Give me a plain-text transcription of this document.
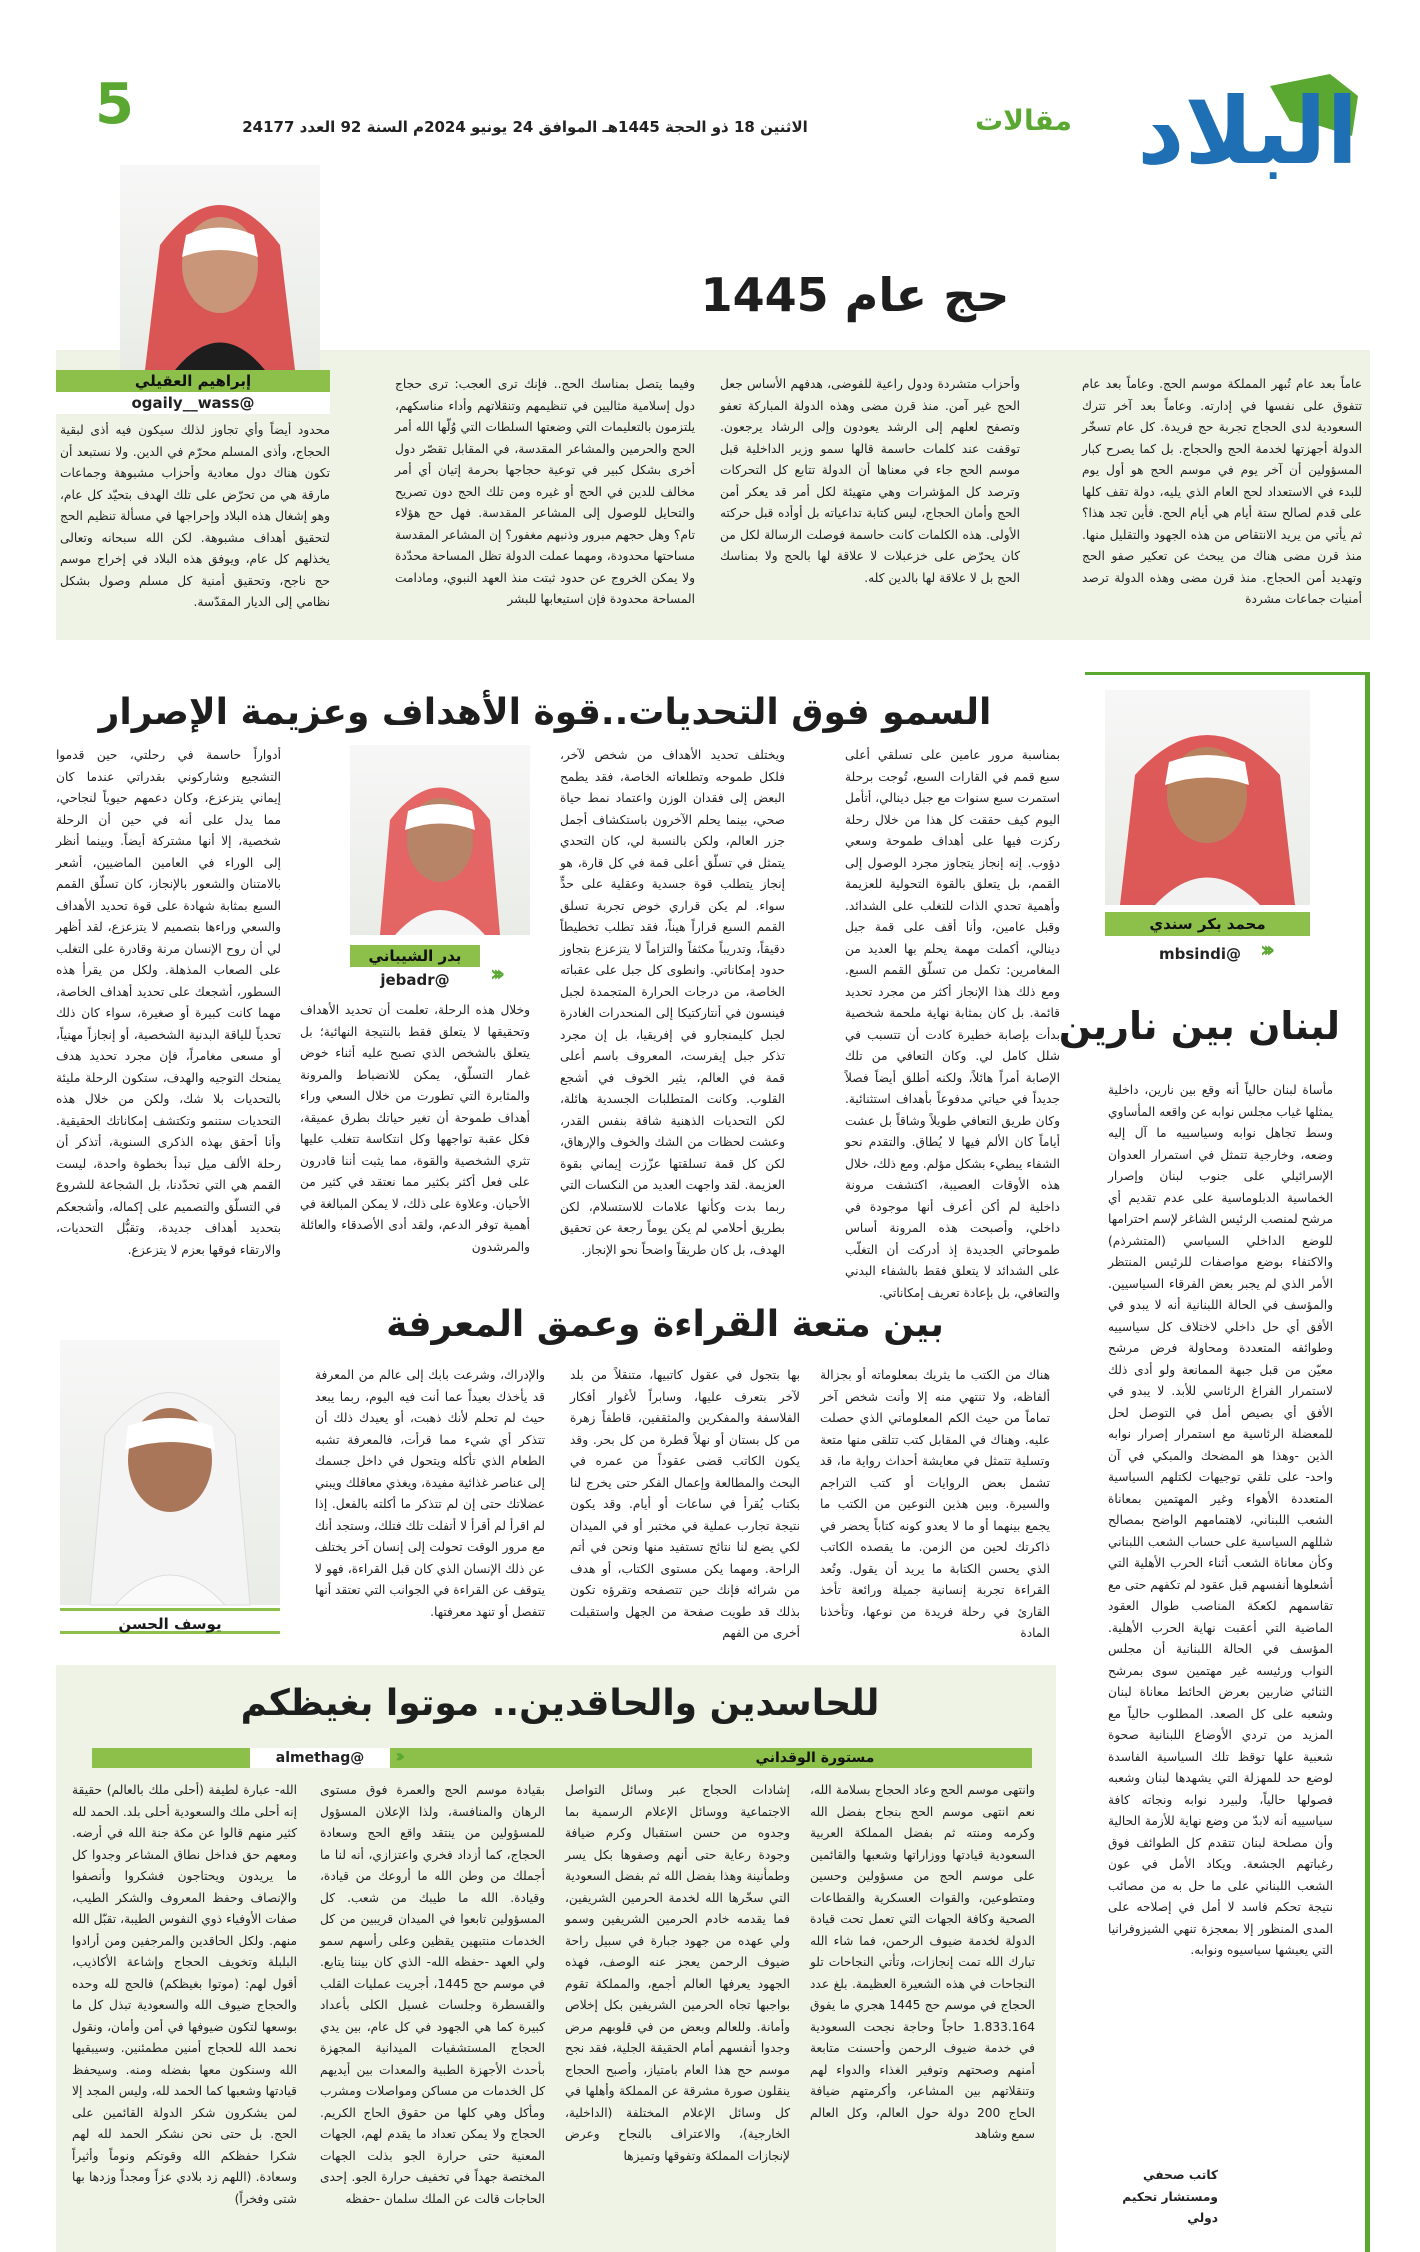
5	الاثنين 18 ذو الحجة 1445هـ الموافق 24 يونيو 2024م السنة 92 العدد 24177	مقالات البلاد
حج عام 1445
إبراهيم العقيلي
@ogaily__wass
عاماً بعد عام تُبهر المملكة موسم الحج. وعاماً بعد عام تتفوق على نفسها في إدارته. وعاماً بعد آخر تترك السعودية لدى الحجاج تجربة حج فريدة. كل عام تسخّر الدولة أجهزتها لخدمة الحج والحجاج. بل كما يصرح كبار المسؤولين أن آخر يوم في موسم الحج هو أول يوم للبدء في الاستعداد لحج العام الذي يليه، دولة تقف كلها على قدم لصالح ستة أيام هي أيام الحج. فأين تجد هذا؟ ثم يأتي من يريد الانتقاص من هذه الجهود والتقليل منها. منذ قرن مضى هناك من يبحث عن تعكير صفو الحج وتهديد أمن الحجاج. منذ قرن مضى وهذه الدولة ترصد أمنيات جماعات مشردة
وأحزاب متشردة ودول راعية للفوضى، هدفهم الأساس جعل الحج غير آمن. منذ قرن مضى وهذه الدولة المباركة تعفو وتصفح لعلهم إلى الرشد يعودون وإلى الرشاد يرجعون. توقفت عند كلمات حاسمة قالها سمو وزير الداخلية قبل موسم الحج جاء في معناها أن الدولة تتابع كل التحركات وترصد كل المؤشرات وهي متهيئة لكل أمر قد يعكر أمن الحج وأمان الحجاج، ليس كتابة تداعياته بل أوأده قبل حركته الأولى. هذه الكلمات كانت حاسمة فوصلت الرسالة لكل من كان يحرّض على خزعبلات لا علاقة لها بالحج ولا بمناسك الحج بل لا علاقة لها بالدين كله.
وفيما يتصل بمناسك الحج.. فإنك ترى العجب: ترى حجاج دول إسلامية مثاليين في تنظيمهم وتنقلاتهم وأداء مناسكهم، يلتزمون بالتعليمات التي وضعتها السلطات التي وُلّها الله أمر الحج والحرمين والمشاعر المقدسة، في المقابل تقصّر دول أخرى بشكل كبير في توعية حجاجها بحرمة إتيان أي أمر مخالف للدين في الحج أو غيره ومن تلك الحج دون تصريح والتحايل للوصول إلى المشاعر المقدسة. فهل حج هؤلاء تام؟ وهل حجهم مبرور وذنبهم مغفور؟ إن المشاعر المقدسة مساحتها محدودة، ومهما عملت الدولة تظل المساحة محدّدة ولا يمكن الخروج عن حدود ثبتت منذ العهد النبوي، ومادامت المساحة محدودة فإن استيعابها للبشر
محدود أيضاً وأي تجاوز لذلك سيكون فيه أذى لبقية الحجاج، وأذى المسلم محرّم في الدين. ولا نستبعد أن تكون هناك دول معادية وأحزاب مشبوهة وجماعات مارقة هي من تحرّض على تلك الهدف بتحيّد كل عام، وهو إشغال هذه البلاد وإحراجها في مسألة تنظيم الحج لتحقيق أهداف مشبوهة. لكن الله سبحانه وتعالى يخذلهم كل عام، ويوفق هذه البلاد في إخراج موسم حج ناجح، وتحقيق أمنية كل مسلم وصول بشكل نظامي إلى الديار المقدّسة.
السمو فوق التحديات..قوة الأهداف وعزيمة الإصرار
بمناسبة مرور عامين على تسلقي أعلى سبع قمم في القارات السبع، تُوجت برحلة استمرت سبع سنوات مع جبل دينالي، أتأمل اليوم كيف حققت كل هذا من خلال رحلة ركزت فيها على أهداف طموحة وسعي دؤوب. إنه إنجاز يتجاوز مجرد الوصول إلى القمم، بل يتعلق بالقوة التحولية للعزيمة وأهمية تحدي الذات للتغلب على الشدائد. وقبل عامين، وأنا أقف على قمة جبل دينالي، أكملت مهمة يحلم بها العديد من المغامرين: تكمل من تسلّق القمم السبع. ومع ذلك هذا الإنجاز أكثر من مجرد تحديد قائمة. بل كان بمثابة نهاية ملحمة شخصية بدأت بإصابة خطيرة كادت أن تتسبب في شلل كامل لي. وكان التعافي من تلك الإصابة أمراً هائلاً، ولكنه أطلق أيضاً فصلاً جديداً في حياتي مدفوعاً بأهداف استثنائية. وكان طريق التعافي طويلاً وشاقاً بل عشت أياماً كان الألم فيها لا يُطاق. والتقدم نحو الشفاء يبطيء بشكل مؤلم. ومع ذلك، خلال هذه الأوقات العصيبة، اكتشفت مرونة داخلية لم أكن أعرف أنها موجودة في داخلي، وأصبحت هذه المرونة أساس طموحاتي الجديدة إذ أدركت أن التغلّب على الشدائد لا يتعلق فقط بالشفاء البدني والتعافي، بل بإعادة تعريف إمكاناتي.
ويختلف تحديد الأهداف من شخص لآخر، فلكل طموحه وتطلعاته الخاصة، فقد يطمح البعض إلى فقدان الوزن واعتماد نمط حياة صحي، بينما يحلم الآخرون باستكشاف أجمل جزر العالم، ولكن بالنسبة لي، كان التحدي يتمثل في تسلّق أعلى قمة في كل قارة، هو إنجاز يتطلب قوة جسدية وعقلية على حدٍّ سواء. لم يكن قراري خوض تجربة تسلق القمم السبع قراراً هيناً، فقد تطلب تخطيطاً دقيقاً، وتدريباً مكثفاً والتزاماً لا يتزعزع بتجاوز حدود إمكاناتي. وانطوى كل جبل على عقباته الخاصة، من درجات الحرارة المتجمدة لجبل فينسون في أنتاركتيكا إلى المنحدرات الغادرة لجبل كليمنجارو في إفريقيا، بل إن مجرد تذكر جبل إيفرست، المعروف باسم أعلى قمة في العالم، يثير الخوف في أشجع القلوب. وكانت المتطلبات الجسدية هائلة، لكن التحديات الذهنية شاقة بنفس القدر، وعشت لحظات من الشك والخوف والإرهاق، لكن كل قمة تسلقتها عزّزت إيماني بقوة العزيمة. لقد واجهت العديد من النكسات التي ربما بدت وكأنها علامات للاستسلام، لكن بطريق أحلامي لم يكن يوماً رجعة عن تحقيق الهدف، بل كان طريقاً واضحاً نحو الإنجاز.
بدر الشيباني
@jebadr	‹‹‹
وخلال هذه الرحلة، تعلمت أن تحديد الأهداف وتحقيقها لا يتعلق فقط بالنتيجة النهائية؛ بل يتعلق بالشخص الذي تصبح عليه أثناء خوض غمار التسلّق، يمكن للانضباط والمرونة والمثابرة التي تطورت من خلال السعي وراء أهداف طموحة أن تغير حياتك بطرق عميقة، فكل عقبة تواجهها وكل انتكاسة تتغلب عليها تثري الشخصية والقوة، مما يثبت أننا قادرون على فعل أكثر بكثير مما نعتقد في كثير من الأحيان. وعلاوة على ذلك، لا يمكن المبالغة في أهمية توفر الدعم، ولقد أدى الأصدقاء والعائلة والمرشدون
أدواراً حاسمة في رحلتي، حين قدموا التشجيع وشاركوني بقدراتي عندما كان إيماني يتزعزع، وكان دعمهم حيوياً لنجاحي، مما يدل على أنه في حين أن الرحلة شخصية، إلا أنها مشتركة أيضاً. وبينما أنظر إلى الوراء في العامين الماضيين، أشعر بالامتنان والشعور بالإنجاز، كان تسلّق القمم السبع بمثابة شهادة على قوة تحديد الأهداف والسعي وراءها بتصميم لا يتزعزع، لقد أظهر لي أن روح الإنسان مرنة وقادرة على التغلب على الصعاب المذهلة. ولكل من يقرأ هذه السطور، أشجعك على تحديد أهداف الخاصة، مهما كانت كبيرة أو صغيرة، سواء كان ذلك تحدياً للياقة البدنية الشخصية، أو إنجازاً مهنياً، أو مسعى مغامراً، فإن مجرد تحديد هدف يمنحك التوجيه والهدف، ستكون الرحلة مليئة بالتحديات بلا شك، ولكن من خلال هذه التحديات ستنمو وتكتشف إمكاناتك الحقيقية. وأنا أحقق بهذه الذكرى السنوية، أتذكر أن رحلة الألف ميل تبدأ بخطوة واحدة، ليست القمم هي التي تحدّدنا، بل الشجاعة للشروع في التسلّق والتصميم على إكماله، وأشجعكم بتحديد أهداف جديدة، وتقبُّل التحديات، والارتقاء فوقها بعزم لا يتزعزع.
محمد بكر سندي
‹‹‹
@mbsindi
لبنان بين نارين
مأساة لبنان حالياً أنه وقع بين نارين، داخلية يمثلها غياب مجلس نوابه عن واقعه المأساوي وسط تجاهل نوابه وسياسييه ما آل إليه وضعه، وخارجية تتمثل في استمرار العدوان الإسرائيلي على جنوب لبنان وإصرار الخماسية الدبلوماسية على عدم تقديم أي مرشح لمنصب الرئيس الشاغر لإسم احترامها للوضع الداخلي السياسي (المتشرذم) والاكتفاء بوضع مواصفات للرئيس المنتظر الأمر الذي لم يجبر بعض الفرقاء السياسيين. والمؤسف في الحالة اللبنانية أنه لا يبدو في الأفق أي حل داخلي لاختلاف كل سياسييه وطوائفه المتعددة ومحاولة فرض مرشح معيّن من قبل جبهة الممانعة ولو أدى ذلك لاستمرار الفراغ الرئاسي للأبد. لا يبدو في الأفق أي بصيص أمل في التوصل لحل للمعضلة الرئاسية مع استمرار إصرار نوابه الذين -وهذا هو المضحك والمبكي في آن واحد- على تلقي توجيهات لكتلهم السياسية المتعددة الأهواء وغير المهتمين بمعاناة الشعب اللبناني، لاهتمامهم الواضح بمصالح شللهم السياسية على حساب الشعب اللبناني وكأن معاناة الشعب أثناء الحرب الأهلية التي أشعلوها أنفسهم قبل عقود لم تكفهم حتى مع تقاسمهم لكعكة المناصب طوال العقود الماضية التي أعقبت نهاية الحرب الأهلية. المؤسف في الحالة اللبنانية أن مجلس النواب ورئيسه غير مهتمين سوى بمرشح الثنائي ضاربين بعرض الحائط معاناة لبنان وشعبه على كل الصعد. المطلوب حالياً مع المزيد من تردي الأوضاع اللبنانية صحوة شعبية علها توقظ تلك السياسية الفاسدة لوضع حد للمهزلة التي يشهدها لبنان وشعبه فصولها حالياً، ولبيرد نوابه ونجاته كافة سياسييه أنه لابدّ من وضع نهاية للأزمة الحالية وأن مصلحة لبنان تتقدم كل الطوائف فوق رغباتهم الجشعة. ويكاد الأمل في عون الشعب اللبناني على ما حل به من مصائب نتيجة تحكم فاسد لا أمل في إصلاحه على المدى المنظور إلا بمعجزة تنهي الشيزوفرانيا التي يعيشها سياسيوه ونوابه.
كاتب صحفي ومستشار تحكيم دولي
بين متعة القراءة وعمق المعرفة
هناك من الكتب ما يثريك بمعلوماته أو بجزالة ألفاظه، ولا تنتهي منه إلا وأنت شخص آخر تماماً من حيث الكم المعلوماتي الذي حصلت عليه. وهناك في المقابل كتب تتلقى منها متعة وتسلية تتمثل في معايشة أحداث رواية ما، قد تشمل بعض الروايات أو كتب التراجم والسيرة. وبين هذين النوعين من الكتب ما يجمع بينهما أو ما لا يعدو كونه كتاباً يحضر في ذاكرتك لحين من الزمن. ما يقصده الكاتب الذي يحسن الكتابة ما يريد أن يقول. وتُعد القراءة تجربة إنسانية جميلة ورائعة تأخذ القارئ في رحلة فريدة من نوعها، وتأخذنا المادة
بها بتجول في عقول كاتبيها، متنقلاً من بلد لآخر بتعرف عليها، وسابراً لأغوار أفكار الفلاسفة والمفكرين والمثقفين، قاطفاً زهرة من كل بستان أو نهلاً قطرة من كل بحر. وقد يكون الكاتب قضى عقوداً من عمره في البحث والمطالعة وإعمال الفكر حتى يخرج لنا بكتاب يُقرأ في ساعات أو أيام. وقد يكون نتيجة تجارب عملية في مختبر أو في الميدان لكي يضع لنا نتائج تستفيد منها ونحن في أتم الراحة. ومهما يكن مستوى الكتاب، أو هدف من شرائه فإنك حين تتصفحه وتقرؤه تكون بذلك قد طويت صفحة من الجهل واستقبلت أخرى من الفهم
والإدراك، وشرعت بابك إلى عالم من المعرفة قد يأخذك بعيداً عما أنت فيه اليوم، ربما يبعد حيث لم تحلم لأنك ذهبت، أو يعيدك ذلك أن تتذكر أي شيء مما قرأت، فالمعرفة تشبه الطعام الذي تأكله ويتحول في داخل جسمك إلى عناصر غذائية مفيدة، ويغذي معاقلك ويبني عضلاتك حتى إن لم تتذكر ما أكلته بالفعل. إذا لم اقرأ لم أقرأ لا أتفلت تلك فتلك، وستجد أنك مع مرور الوقت تحولت إلى إنسان آخر يختلف عن ذلك الإنسان الذي كان قبل القراءة، فهو لا يتوقف عن القراءة في الجوانب التي تعتقد أنها تتفصل أو تنهد معرفتها.
يوسف الحسن
للحاسدين والحاقدين.. موتوا بغيظكم
مستورة الوقداني
@almethag	‹‹‹
وانتهى موسم الحج وعاد الحجاج بسلامة الله، نعم انتهى موسم الحج بنجاح بفضل الله وكرمه ومنته ثم بفضل المملكة العربية السعودية قيادتها ووزاراتها وشعبها والقائمين على موسم الحج من مسؤولين وحسين ومتطوعين، والقوات العسكرية والقطاعات الصحية وكافة الجهات التي تعمل تحت قيادة الدولة لخدمة ضيوف الرحمن، فما شاء الله تبارك الله تمت إنجازات، وتأتي النجاحات تلو النجاحات في هذه الشعيرة العظيمة. بلغ عدد الحجاج في موسم حج 1445 هجري ما يفوق 1.833.164 حاجاً وحاجة نجحت السعودية في خدمة ضيوف الرحمن وأحسنت متابعة أمنهم وصحتهم وتوفير الغذاء والدواء لهم وتنقلاتهم بين المشاعر، وأكرمتهم ضيافة الحاج 200 دولة حول العالم، وكل العالم سمع وشاهد
إشادات الحجاج عبر وسائل التواصل الاجتماعية ووسائل الإعلام الرسمية بما وجدوه من حسن استقبال وكرم ضيافة وجودة رعاية حتى أنهم وصفوها بكل يسر وطمأنينة وهذا بفضل الله ثم بفضل السعودية التي سخّرها الله لخدمة الحرمين الشريفين، فما يقدمه خادم الحرمين الشريفين وسمو ولي عهده من جهود جبارة في سبيل راحة ضيوف الرحمن يعجز عنه الوصف، فهذه الجهود يعرفها العالم أجمع، والمملكة تقوم بواجبها تجاه الحرمين الشريفين بكل إخلاص وأمانة. وللعالم وبعض من في قلوبهم مرض وجدوا أنفسهم أمام الحقيقة الجلية، فقد نجح موسم حج هذا العام بامتياز، وأصبح الحجاج ينقلون صورة مشرقة عن المملكة وأهلها في كل وسائل الإعلام المختلفة (الداخلية، الخارجية)، والاعتراف بالنجاح وعرض لإنجازات المملكة وتفوقها وتميزها
بقيادة موسم الحج والعمرة فوق مستوى الرهان والمنافسة، ولذا الإعلان المسؤول للمسؤولين من ينتقد واقع الحج وسعادة الحجاج، كما أزداد فخري واعتزازي، أنه لنا ما أجملك من وطن الله ما أروعك من قيادة، وقيادة. الله ما طيبك من شعب. كل المسؤولين تابعوا في الميدان قريبين من كل الخدمات منتبهين يقظين وعلى رأسهم سمو ولي العهد -حفظه الله- الذي كان بيننا يتابع. في موسم حج 1445، أجريت عمليات القلب والقسطرة وجلسات غسيل الكلى بأعداد كبيرة كما هي الجهود في كل عام، بين يدي الحجاج المستشفيات الميدانية المجهزة بأحدث الأجهزة الطبية والمعدات بين أيديهم كل الخدمات من مساكن ومواصلات ومشرب ومأكل وهي كلها من حقوق الحاج الكريم. الحجاج ولا يمكن تعداد ما يقدم لهم، الجهات المعنية حتى حرارة الجو بذلت الجهات المختصة جهداً في تخفيف حرارة الجو. إحدى الحاجات قالت عن الملك سلمان -حفظه
الله- عبارة لطيفة (أحلى ملك بالعالم) حقيقة إنه أحلى ملك والسعودية أحلى بلد. الحمد لله كثير منهم قالوا عن مكة جنة الله في أرضه. ومعهم حق فداخل نطاق المشاعر وجدوا كل ما يريدون ويحتاجون فشكروا وأنصفوا والإنصاف وحفظ المعروف والشكر الطيب، صفات الأوفياء ذوي النفوس الطيبة، تقبّل الله منهم. ولكل الحاقدين والمرجفين ومن أرادوا البلبلة وتخويف الحجاج وإشاعة الأكاذيب، أقول لهم: (موتوا بغيظكم) فالحج لله وحده والحجاج ضيوف الله والسعودية تبذل كل ما بوسعها لتكون ضيوفها في أمن وأمان، ونقول نحمد الله للحجاج أمنين مطمئنين. وسيبقيها الله وسنكون معها بفضله ومنه. وسيحفظ قيادتها وشعبها كما الحمد لله، وليس المجد إلا لمن يشكرون شكر الدولة القائمين على الحج. بل حتى نحن نشكر الحمد لله لهم شكرا حفظكم الله وقوتكم ونوماً وأثيراً وسعادة. (اللهم زد بلادي عزاً ومجداً وزدها بها شتى وفخراً)
